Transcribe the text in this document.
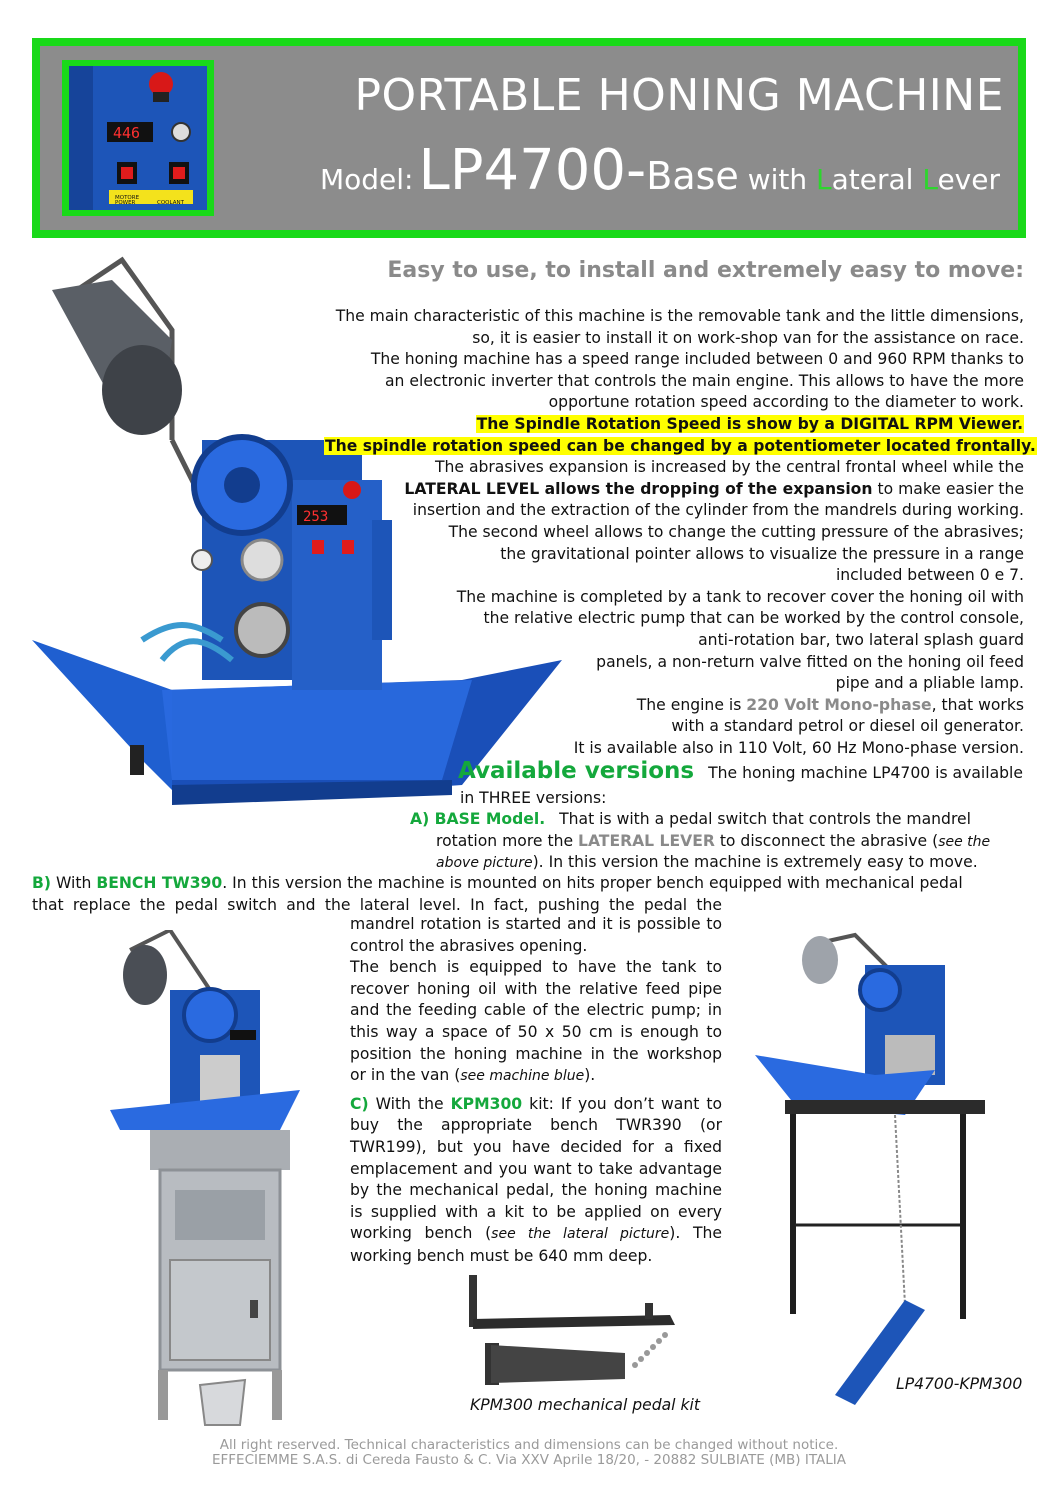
446
MOTORE
POWER	COOLANT
PORTABLE HONING MACHINE
Model: LP4700-Base with Lateral Lever
253
Easy to use, to install and extremely easy to move:
The main characteristic of this machine is the removable tank and the little dimensions,
so, it is easier to install it on work-shop van for the assistance on race.
The honing machine has a speed range included between 0 and 960 RPM thanks to
an electronic inverter that controls the main engine. This allows to have the more
opportune rotation speed according to the diameter to work.
The Spindle Rotation Speed is show by a DIGITAL RPM Viewer.
The spindle rotation speed can be changed by a potentiometer located frontally.
The abrasives expansion is increased by the central frontal wheel while the
LATERAL LEVEL allows the dropping of the expansion to make easier the
insertion and the extraction of the cylinder from the mandrels during working.
The second wheel allows to change the cutting pressure of the abrasives;
the gravitational pointer allows to visualize the pressure in a range
included between 0 e 7.
The machine is completed by a tank to recover cover the honing oil with
the relative electric pump that can be worked by the control console,
anti-rotation bar, two lateral splash guard
panels, a non-return valve fitted on the honing oil feed
pipe and a pliable lamp.
The engine is 220 Volt Mono-phase, that works
with a standard petrol or diesel oil generator.
It is available also in 110 Volt, 60 Hz Mono-phase version.
Available versions The honing machine LP4700 is available
in THREE versions:
A) BASE Model. That is with a pedal switch that controls the mandrel
rotation more the LATERAL LEVER to disconnect the abrasive (see the
above picture). In this version the machine is extremely easy to move.
B) With BENCH TW390. In this version the machine is mounted on hits proper bench equipped with mechanical pedal
that replace the pedal switch and the lateral level. In fact, pushing the pedal the

mandrel rotation is started and it is possible to control the abrasives opening.

The bench is equipped to have the tank to recover honing oil with the relative feed pipe and the feeding cable of the electric pump; in this way a space of 50 x 50 cm is enough to position the honing machine in the workshop or in the van (see machine blue).

C) With the KPM300 kit: If you don’t want to buy the appropriate bench TWR390 (or TWR199), but you have decided for a fixed emplacement and you want to take advantage by the mechanical pedal, the honing machine is supplied with a kit to be applied on every working bench (see the lateral picture). The working bench must be 640 mm deep.

KPM300 mechanical pedal kit
LP4700-KPM300
All right reserved. Technical characteristics and dimensions can be changed without notice.
EFFECIEMME S.A.S. di Cereda Fausto & C. Via XXV Aprile 18/20, - 20882 SULBIATE (MB) ITALIA
